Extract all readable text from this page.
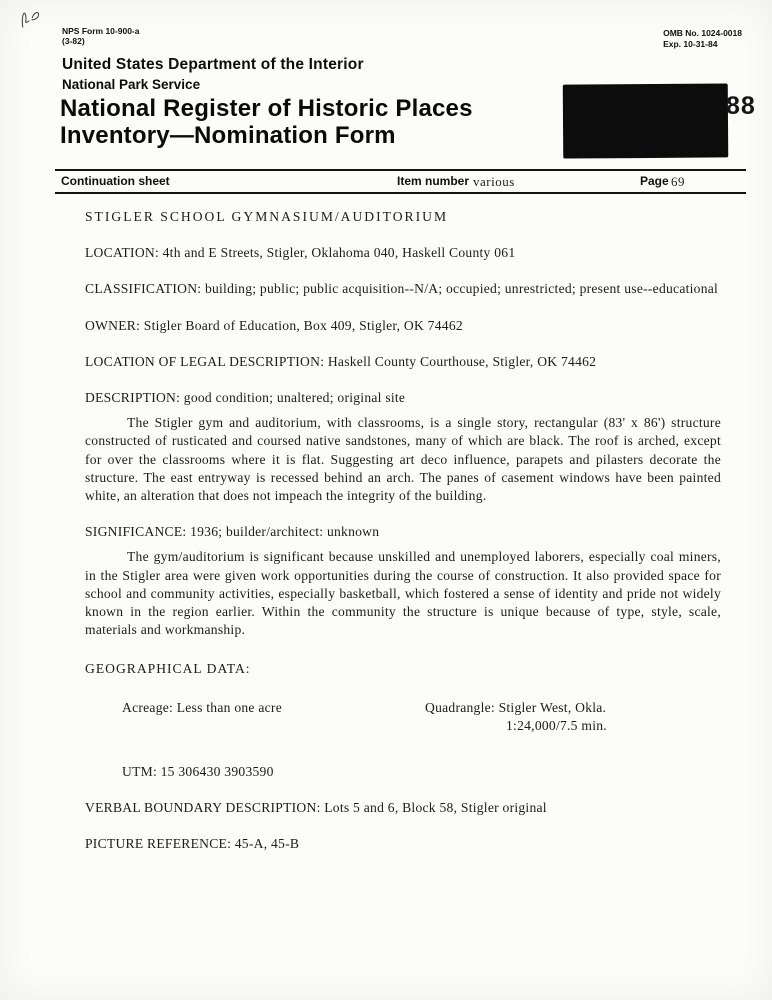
NPS Form 10-900-a
(3-82)
OMB No. 1024-0018
Exp. 10-31-84
United States Department of the Interior
National Park Service
National Register of Historic Places
Inventory—Nomination Form
88
Continuation sheet	Item number various	Page 69
STIGLER SCHOOL GYMNASIUM/AUDITORIUM
LOCATION: 4th and E Streets, Stigler, Oklahoma 040, Haskell County 061
CLASSIFICATION: building; public; public acquisition--N/A; occupied; unrestricted; present use--educational
OWNER: Stigler Board of Education, Box 409, Stigler, OK 74462
LOCATION OF LEGAL DESCRIPTION: Haskell County Courthouse, Stigler, OK 74462
DESCRIPTION: good condition; unaltered; original site
The Stigler gym and auditorium, with classrooms, is a single story, rectangular (83' x 86') structure constructed of rusticated and coursed native sandstones, many of which are black. The roof is arched, except for over the classrooms where it is flat. Suggesting art deco influence, parapets and pilasters decorate the structure. The east entryway is recessed behind an arch. The panes of casement windows have been painted white, an alteration that does not impeach the integrity of the building.
SIGNIFICANCE: 1936; builder/architect: unknown
The gym/auditorium is significant because unskilled and unemployed laborers, especially coal miners, in the Stigler area were given work opportunities during the course of construction. It also provided space for school and community activities, especially basketball, which fostered a sense of identity and pride not widely known in the region earlier. Within the community the structure is unique because of type, style, scale, materials and workmanship.
GEOGRAPHICAL DATA:
Acreage: Less than one acre	Quadrangle: Stigler West, Okla.
1:24,000/7.5 min.
UTM: 15 306430 3903590
VERBAL BOUNDARY DESCRIPTION: Lots 5 and 6, Block 58, Stigler original
PICTURE REFERENCE: 45-A, 45-B
